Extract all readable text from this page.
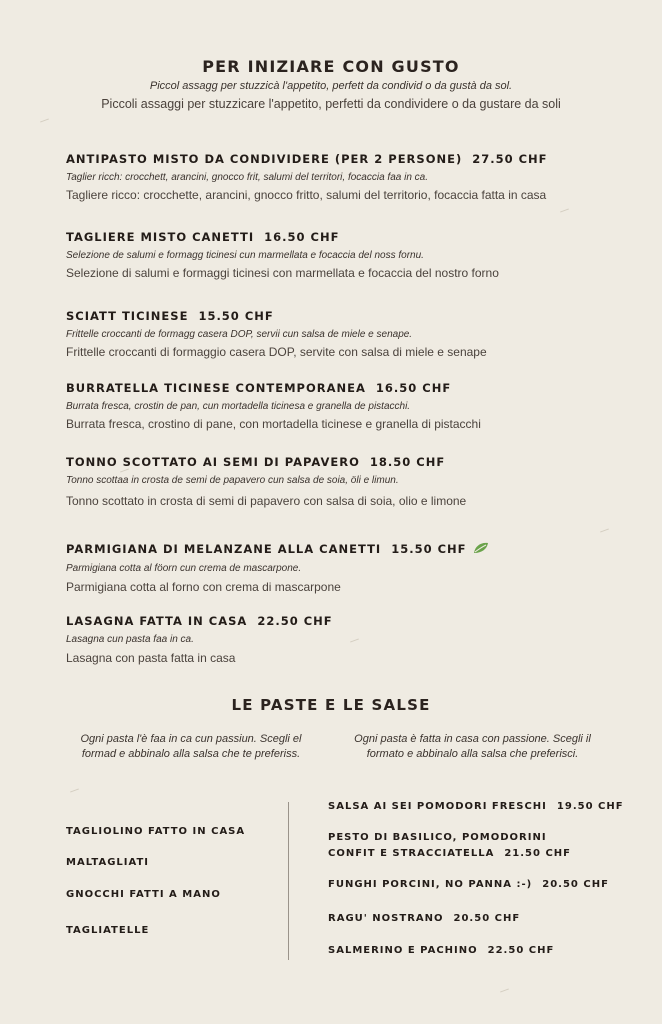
PER INIZIARE CON GUSTO
Piccol assagg per stuzzicà l'appetito, perfett da condivid o da gustà da sol.
Piccoli assaggi per stuzzicare l'appetito, perfetti da condividere o da gustare da soli
ANTIPASTO MISTO DA CONDIVIDERE (PER 2 PERSONE) 27.50 CHF
Taglier ricch: crocchett, arancini, gnocco frit, salumi del territori, focaccia faa in ca.
Tagliere ricco: crocchette, arancini, gnocco fritto, salumi del territorio, focaccia fatta in casa
TAGLIERE MISTO CANETTI 16.50 CHF
Selezione de salumi e formagg ticinesi cun marmellata e focaccia del noss fornu.
Selezione di salumi e formaggi ticinesi con marmellata e focaccia del nostro forno
SCIATT TICINESE 15.50 CHF
Frittelle croccanti de formagg casera DOP, servii cun salsa de miele e senape.
Frittelle croccanti di formaggio casera DOP, servite con salsa di miele e senape
BURRATELLA TICINESE CONTEMPORANEA 16.50 CHF
Burrata fresca, crostin de pan, cun mortadella ticinesa e granella de pistacchi.
Burrata fresca, crostino di pane, con mortadella ticinese e granella di pistacchi
TONNO SCOTTATO AI SEMI DI PAPAVERO 18.50 CHF
Tonno scottaa in crosta de semi de papavero cun salsa de soia, öli e limun.
Tonno scottato in crosta di semi di papavero con salsa di soia, olio e limone
PARMIGIANA DI MELANZANE ALLA CANETTI 15.50 CHF
Parmigiana cotta al föorn cun crema de mascarpone.
Parmigiana cotta al forno con crema di mascarpone
LASAGNA FATTA IN CASA 22.50 CHF
Lasagna cun pasta faa in ca.
Lasagna con pasta fatta in casa
LE PASTE E LE SALSE
Ogni pasta l'è faa in ca cun passiun. Scegli el formad e abbinalo alla salsa che te preferiss.
Ogni pasta è fatta in casa con passione. Scegli il formato e abbinalo alla salsa che preferisci.
TAGLIOLINO FATTO IN CASA
MALTAGLIATI
GNOCCHI FATTI A MANO
TAGLIATELLE
SALSA AI SEI POMODORI FRESCHI 19.50 CHF
PESTO DI BASILICO, POMODORINI CONFIT E STRACCIATELLA 21.50 CHF
FUNGHI PORCINI, NO PANNA :-) 20.50 CHF
RAGU' NOSTRANO 20.50 CHF
SALMERINO E PACHINO 22.50 CHF
